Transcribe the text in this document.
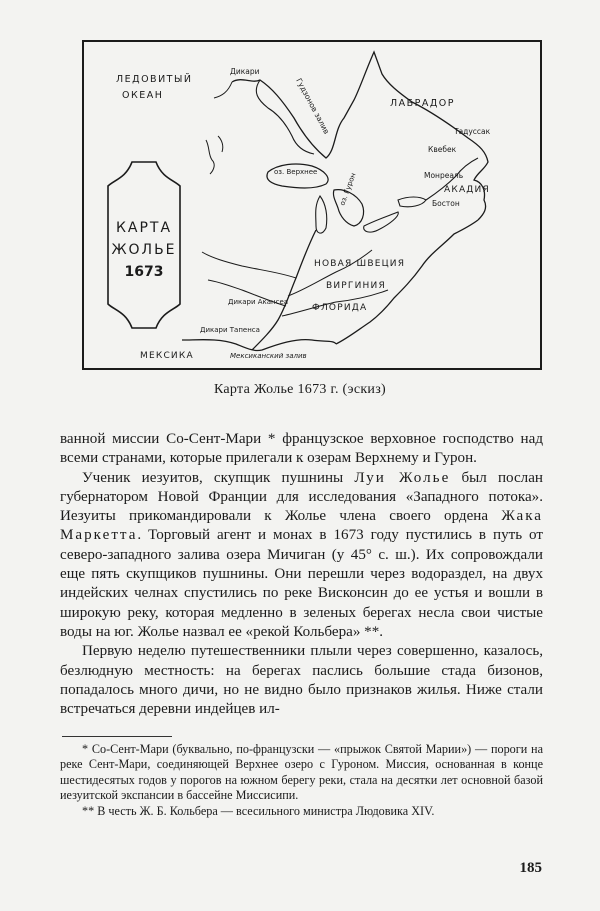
КАРТА
ЖОЛЬЕ
1673
ЛЕДОВИТЫЙ
ОКЕАН
Дикари
Гудзонов залив	ЛАБРАДОР
Тадуссак
Квебек
Монреаль
АКАДИЯ
Бостон
оз. Верхнее	оз. Гурон
НОВАЯ ШВЕЦИЯ
ВИРГИНИЯ
ФЛОРИДА
Дикари Акансеа
Дикари Тапенса
МЕКСИКА	Мексиканский залив
Карта Жолье 1673 г. (эскиз)

ванной миссии Со-Сент-Мари * французское верховное господство над всеми странами, которые прилегали к озерам Верхнему и Гурон.

Ученик иезуитов, скупщик пушнины Луи Жолье был послан губернатором Новой Франции для исследования «Западного потока». Иезуиты прикомандировали к Жолье члена своего ордена Жака Маркетта. Торговый агент и монах в 1673 году пустились в путь от северо-западного залива озера Мичиган (у 45° с. ш.). Их сопровождали еще пять скупщиков пушнины. Они перешли через водораздел, на двух индейских челнах спустились по реке Висконсин до ее устья и вошли в широкую реку, которая медленно в зеленых берегах несла свои чистые воды на юг. Жолье назвал ее «рекой Кольбера» **.

Первую неделю путешественники плыли через совершенно, казалось, безлюдную местность: на берегах паслись большие стада бизонов, попадалось много дичи, но не видно было признаков жилья. Ниже стали встречаться деревни индейцев ил-

* Со-Сент-Мари (буквально, по-французски — «прыжок Святой Марии») — пороги на реке Сент-Мари, соединяющей Верхнее озеро с Гуроном. Миссия, основанная в конце шестидесятых годов у порогов на южном берегу реки, стала на десятки лет основной базой иезуитской экспансии в бассейне Миссисипи.

** В честь Ж. Б. Кольбера — всесильного министра Людовика XIV.

185
